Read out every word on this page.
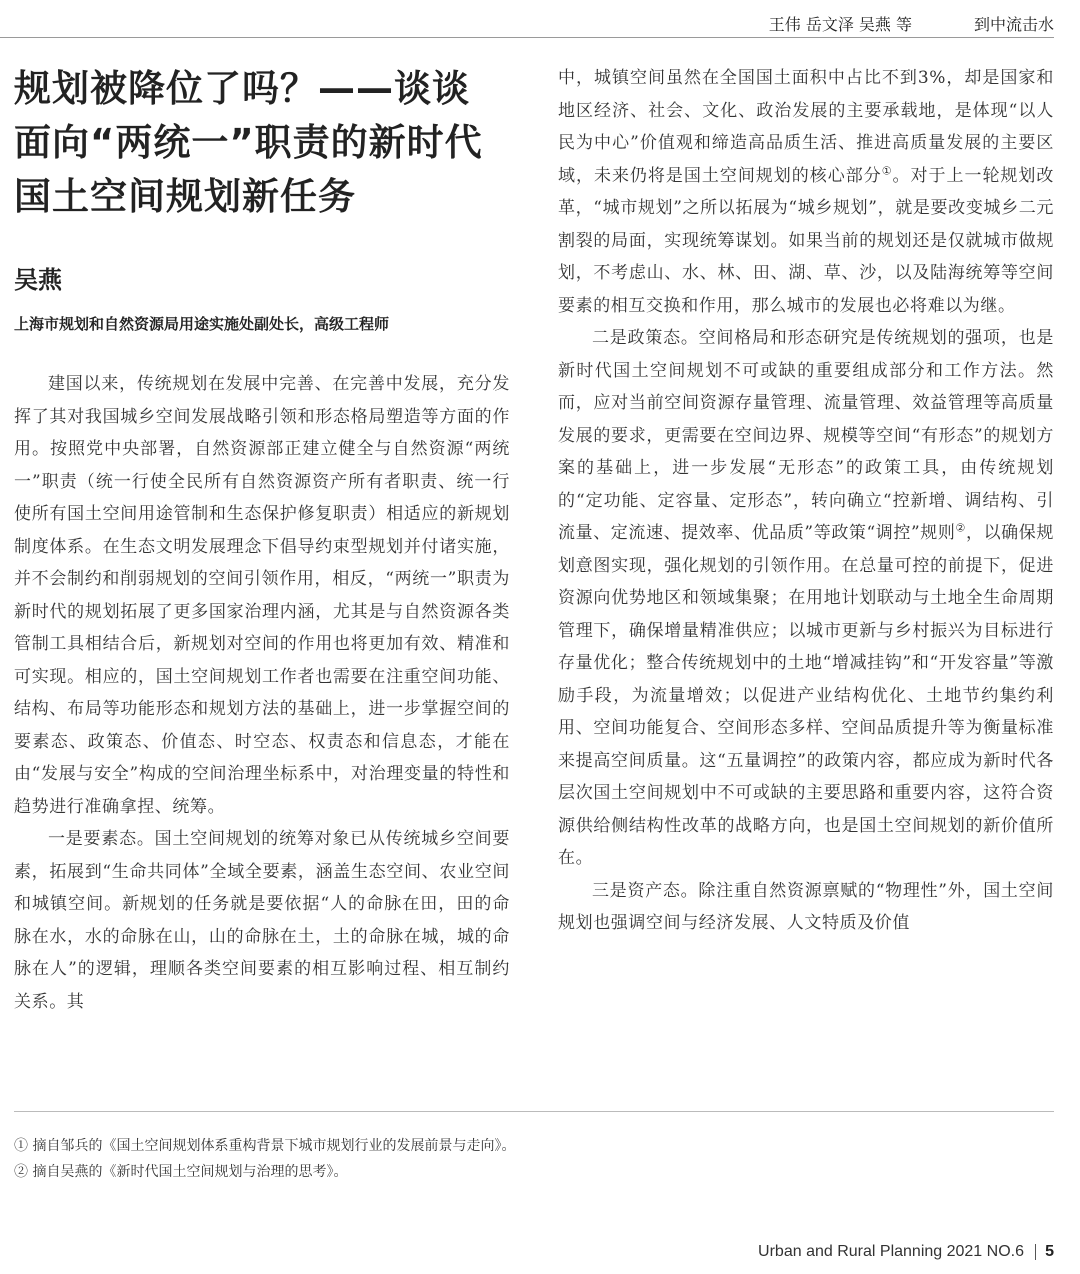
王伟 岳文泽 吴燕 等	到中流击水
规划被降位了吗？——谈谈
面向“两统一”职责的新时代
国土空间规划新任务
吴燕
上海市规划和自然资源局用途实施处副处长，高级工程师

建国以来，传统规划在发展中完善、在完善中发展，充分发挥了其对我国城乡空间发展战略引领和形态格局塑造等方面的作用。按照党中央部署，自然资源部正建立健全与自然资源“两统一”职责（统一行使全民所有自然资源资产所有者职责、统一行使所有国土空间用途管制和生态保护修复职责）相适应的新规划制度体系。在生态文明发展理念下倡导约束型规划并付诸实施，并不会制约和削弱规划的空间引领作用，相反，“两统一”职责为新时代的规划拓展了更多国家治理内涵，尤其是与自然资源各类管制工具相结合后，新规划对空间的作用也将更加有效、精准和可实现。相应的，国土空间规划工作者也需要在注重空间功能、结构、布局等功能形态和规划方法的基础上，进一步掌握空间的要素态、政策态、价值态、时空态、权责态和信息态，才能在由“发展与安全”构成的空间治理坐标系中，对治理变量的特性和趋势进行准确拿捏、统筹。

一是要素态。国土空间规划的统筹对象已从传统城乡空间要素，拓展到“生命共同体”全域全要素，涵盖生态空间、农业空间和城镇空间。新规划的任务就是要依据“人的命脉在田，田的命脉在水，水的命脉在山，山的命脉在土，土的命脉在城，城的命脉在人”的逻辑，理顺各类空间要素的相互影响过程、相互制约关系。其

中，城镇空间虽然在全国国土面积中占比不到3%，却是国家和地区经济、社会、文化、政治发展的主要承载地，是体现“以人民为中心”价值观和缔造高品质生活、推进高质量发展的主要区域，未来仍将是国土空间规划的核心部分①。对于上一轮规划改革，“城市规划”之所以拓展为“城乡规划”，就是要改变城乡二元割裂的局面，实现统筹谋划。如果当前的规划还是仅就城市做规划，不考虑山、水、林、田、湖、草、沙，以及陆海统筹等空间要素的相互交换和作用，那么城市的发展也必将难以为继。

二是政策态。空间格局和形态研究是传统规划的强项，也是新时代国土空间规划不可或缺的重要组成部分和工作方法。然而，应对当前空间资源存量管理、流量管理、效益管理等高质量发展的要求，更需要在空间边界、规模等空间“有形态”的规划方案的基础上，进一步发展“无形态”的政策工具，由传统规划的“定功能、定容量、定形态”，转向确立“控新增、调结构、引流量、定流速、提效率、优品质”等政策“调控”规则②，以确保规划意图实现，强化规划的引领作用。在总量可控的前提下，促进资源向优势地区和领域集聚；在用地计划联动与土地全生命周期管理下，确保增量精准供应；以城市更新与乡村振兴为目标进行存量优化；整合传统规划中的土地“增减挂钩”和“开发容量”等激励手段，为流量增效；以促进产业结构优化、土地节约集约利用、空间功能复合、空间形态多样、空间品质提升等为衡量标准来提高空间质量。这“五量调控”的政策内容，都应成为新时代各层次国土空间规划中不可或缺的主要思路和重要内容，这符合资源供给侧结构性改革的战略方向，也是国土空间规划的新价值所在。

三是资产态。除注重自然资源禀赋的“物理性”外，国土空间规划也强调空间与经济发展、人文特质及价值

① 摘自邹兵的《国土空间规划体系重构背景下城市规划行业的发展前景与走向》。
② 摘自吴燕的《新时代国土空间规划与治理的思考》。
Urban and Rural Planning 2021 NO.6 5
